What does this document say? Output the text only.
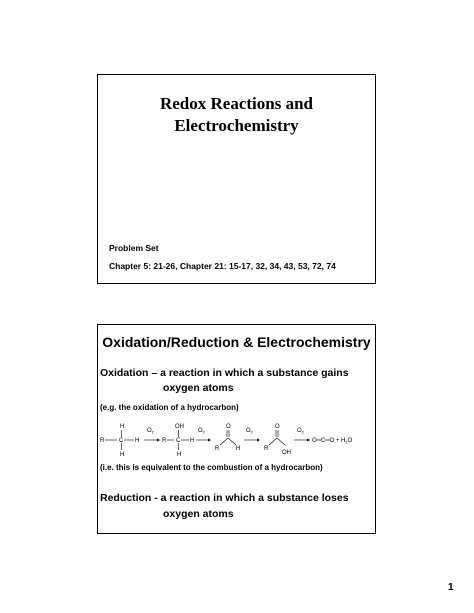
Redox Reactions and
Electrochemistry
Problem Set
Chapter 5: 21-26, Chapter 21: 15-17, 32, 34, 43, 53, 72, 74
Oxidation/Reduction & Electrochemistry
Oxidation – a reaction in which a substance gains
oxygen atoms
(e.g. the oxidation of a hydrocarbon)
H
R C H
H
$O_2$
OH
R C H
H
$O_2$
O
R	H
$O_2$
O
R
OH
$O_2$
O═C═O + $H_2O$
(i.e. this is equivalent to the combustion of a hydrocarbon)
Reduction - a reaction in which a substance loses
oxygen atoms
1
